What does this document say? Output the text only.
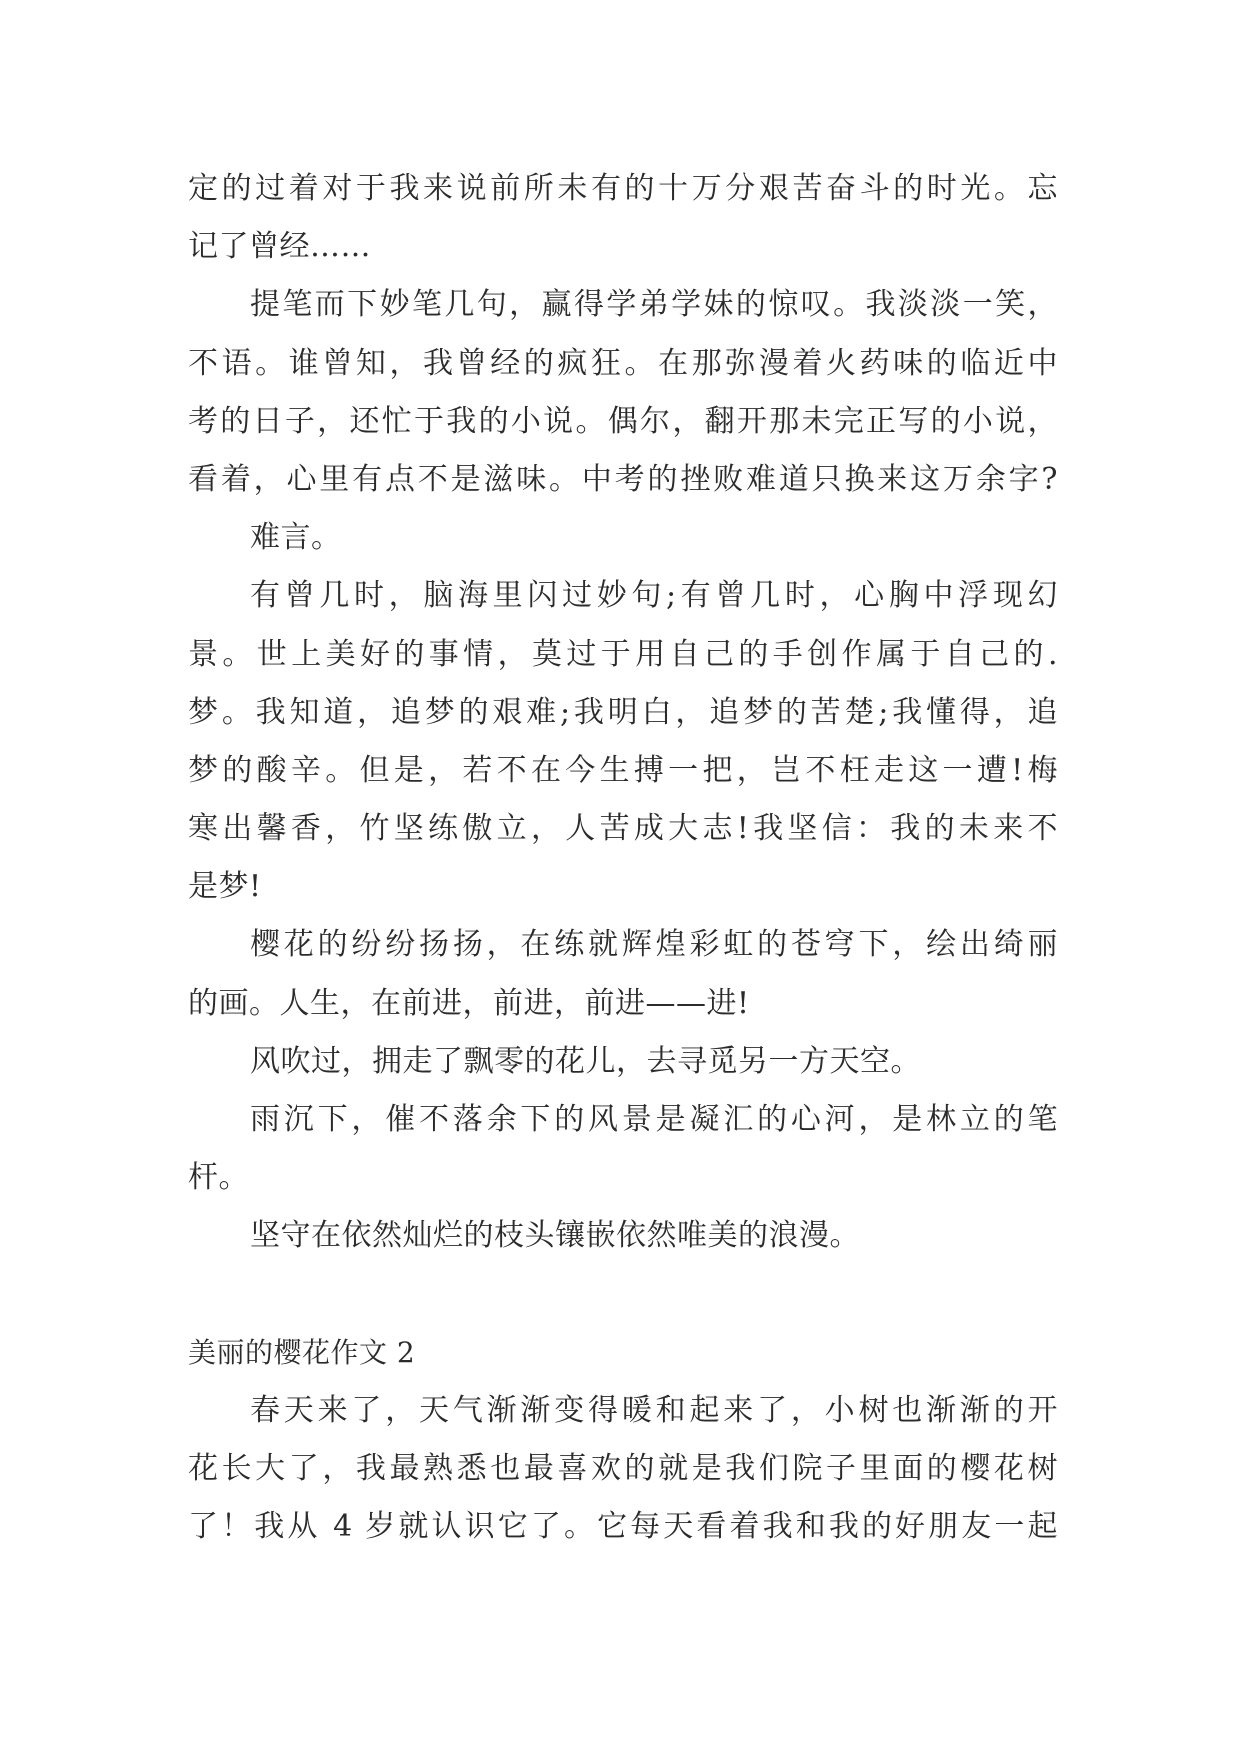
定的过着对于我来说前所未有的十万分艰苦奋斗的时光。忘
记了曾经……
提笔而下妙笔几句，赢得学弟学妹的惊叹。我淡淡一笑，
不语。谁曾知，我曾经的疯狂。在那弥漫着火药味的临近中
考的日子，还忙于我的小说。偶尔，翻开那未完正写的小说，
看着，心里有点不是滋味。中考的挫败难道只换来这万余字?
难言。
有曾几时，脑海里闪过妙句;有曾几时，心胸中浮现幻
景。世上美好的事情，莫过于用自己的手创作属于自己的.
梦。我知道，追梦的艰难;我明白，追梦的苦楚;我懂得，追
梦的酸辛。但是，若不在今生搏一把，岂不枉走这一遭!梅
寒出馨香，竹坚练傲立，人苦成大志!我坚信：我的未来不
是梦!
樱花的纷纷扬扬，在练就辉煌彩虹的苍穹下，绘出绮丽
的画。人生，在前进，前进，前进——进!
风吹过，拥走了飘零的花儿，去寻觅另一方天空。
雨沉下，催不落余下的风景是凝汇的心河，是林立的笔
杆。
坚守在依然灿烂的枝头镶嵌依然唯美的浪漫。
美丽的樱花作文 2
春天来了，天气渐渐变得暖和起来了，小树也渐渐的开
花长大了，我最熟悉也最喜欢的就是我们院子里面的樱花树
了！我从 4 岁就认识它了。它每天看着我和我的好朋友一起
